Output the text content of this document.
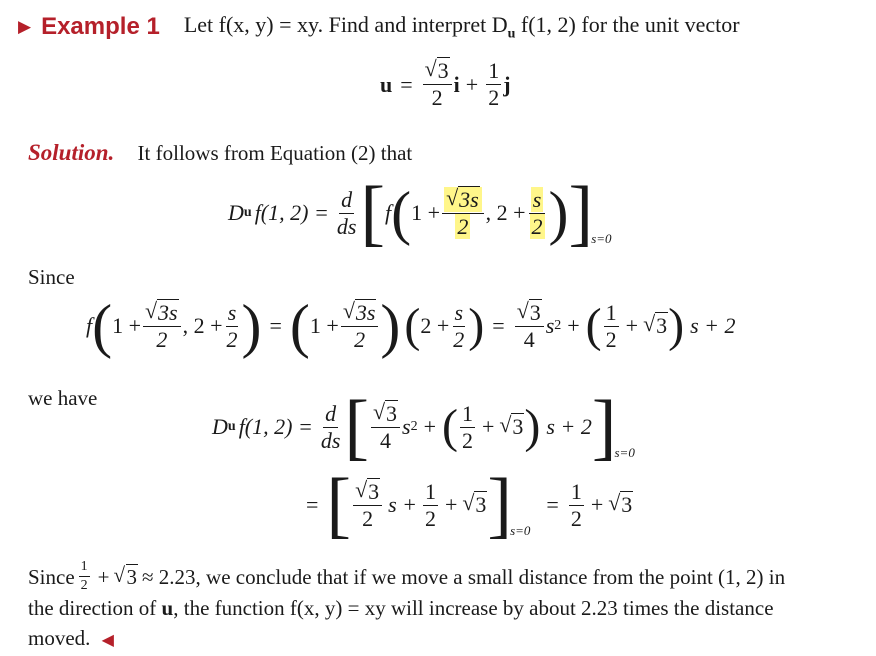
▶ Example 1 Let f(x, y) = xy. Find and interpret $D_u$ f(1, 2) for the unit vector
$u = \frac{√ 3}{2}$ $i + \frac{1}{2}$ j
Solution. It follows from Equation (2) that
D u f(1, $2) = \frac{d}{ds}$ [ f ( $1 + \frac{√ 3s}{2}$ , $2 + \frac{s}{2}$ ) ]
s=0
Since
f ( $1 + \frac{√ 3s}{2}$ , $2 + \frac{s}{2}$ ) = ( $1 + \frac{√ 3s}{2}$ ) ( $2 + \frac{s}{2}$ ) = $\frac{√ 3}{4}$ s 2 + ( $\frac{1}{2}$ + √ 3 ) s + 2
we have
D u f(1, $2) = \frac{d}{ds}$ [ $\frac{√ 3}{4}$ s 2 + ( $\frac{1}{2}$ + √ 3 ) s + 2 ]
s=0
= [ $\frac{√ 3}{2}$ $s + \frac{1}{2}$ + √ 3 ]
s=0
= $\frac{1}{2}$ + √ 3
Since $\frac{1}{2}$ + √ 3 ≈ 2.23, we conclude that if we move a small distance from the point (1, 2) in
the direction of u, the function f(x, y) = xy will increase by about 2.23 times the distance
moved. ◀
